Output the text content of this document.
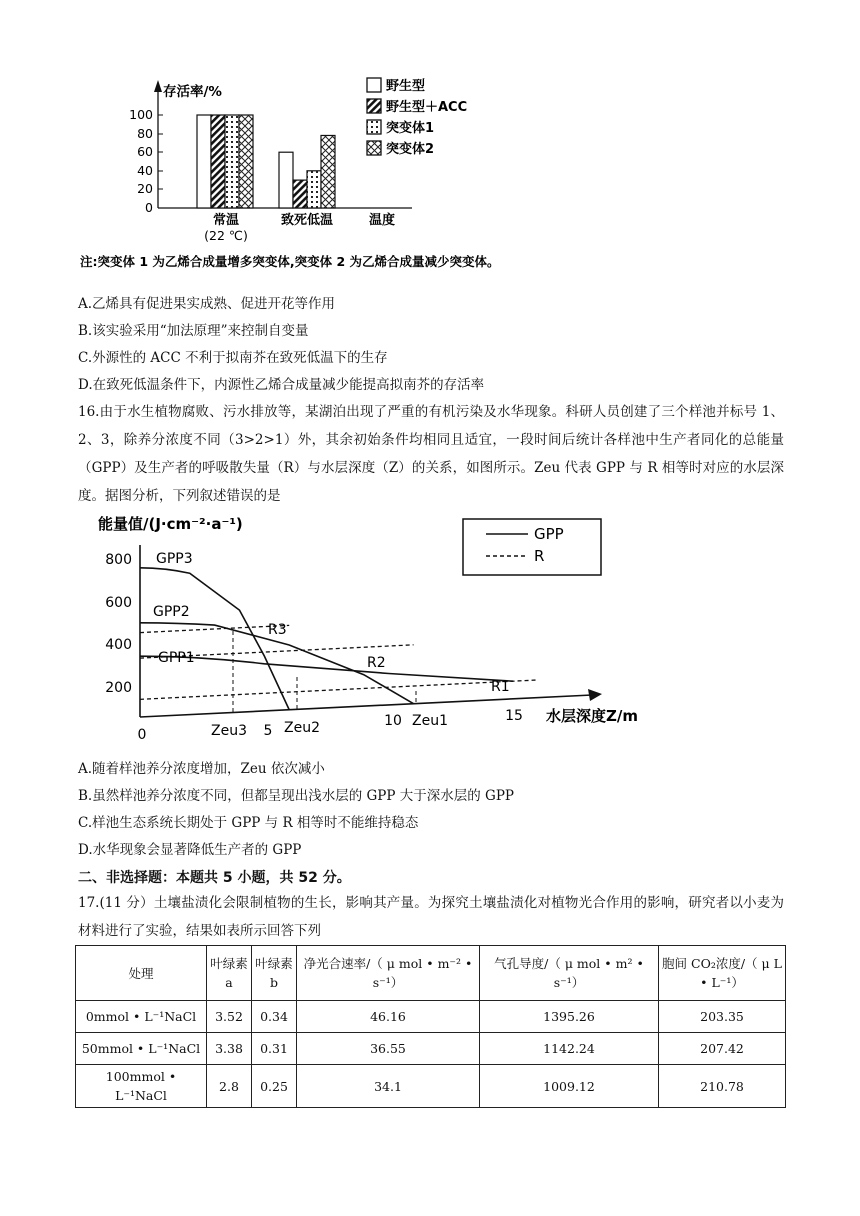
100
80
60
40
20
0
存活率/%
常温
(22 ℃)
致死低温	温度
野生型
野生型＋ACC
突变体1
突变体2
注:突变体 1 为乙烯合成量增多突变体,突变体 2 为乙烯合成量减少突变体。
A.乙烯具有促进果实成熟、促进开花等作用
B.该实验采用“加法原理”来控制自变量
C.外源性的 ACC 不利于拟南芥在致死低温下的生存
D.在致死低温条件下，内源性乙烯合成量减少能提高拟南芥的存活率
16.由于水生植物腐败、污水排放等，某湖泊出现了严重的有机污染及水华现象。科研人员创建了三个样池并标号 1、2、3，除养分浓度不同（3>2>1）外，其余初始条件均相同且适宜，一段时间后统计各样池中生产者同化的总能量（GPP）及生产者的呼吸散失量（R）与水层深度（Z）的关系，如图所示。Zeu 代表 GPP 与 R 相等时对应的水层深度。据图分析，下列叙述错误的是
能量值/(J·cm⁻²·a⁻¹)
800
600
400
200
0
GPP3
GPP2
GPP1
R3
R2
R1
Zeu3 5 Zeu2	10 Zeu1	15 水层深度Z/m
GPP
R
A.随着样池养分浓度增加，Zeu 依次减小
B.虽然样池养分浓度不同，但都呈现出浅水层的 GPP 大于深水层的 GPP
C.样池生态系统长期处于 GPP 与 R 相等时不能维持稳态
D.水华现象会显著降低生产者的 GPP
二、非选择题：本题共 5 小题，共 52 分。
17.(11 分）土壤盐渍化会限制植物的生长，影响其产量。为探究土壤盐渍化对植物光合作用的影响，研究者以小麦为材料进行了实验，结果如表所示回答下列
处理	叶绿素 a	叶绿素 b	净光合速率/（ μ mol • m⁻² • s⁻¹）	气孔导度/（ μ mol • m² • s⁻¹）	胞间 CO₂浓度/（ μ L • L⁻¹）
0mmol • L⁻¹NaCl	3.52	0.34	46.16	1395.26	203.35
50mmol • L⁻¹NaCl	3.38	0.31	36.55	1142.24	207.42
100mmol • L⁻¹NaCl	2.8	0.25	34.1	1009.12	210.78
